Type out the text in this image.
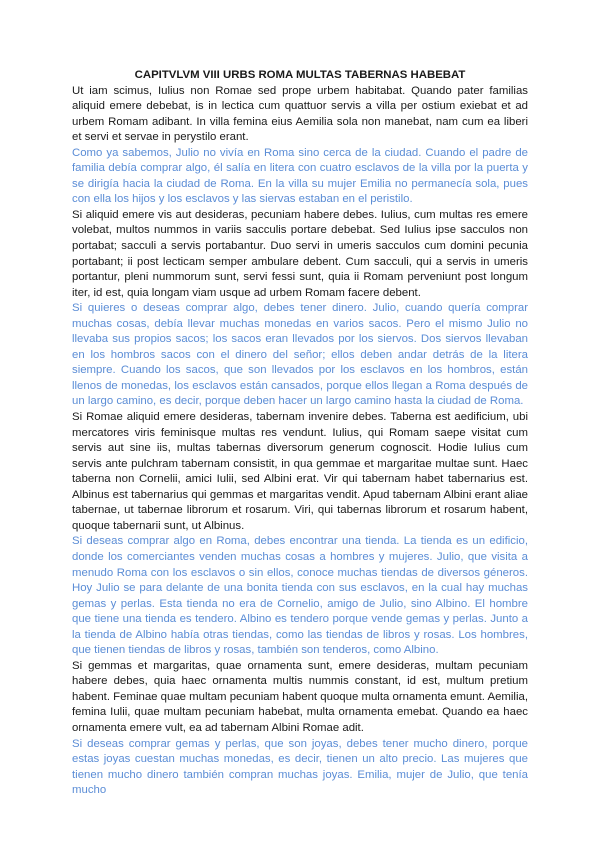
CAPITVLVM VIII URBS ROMA MULTAS TABERNAS HABEBAT

Ut iam scimus, Iulius non Romae sed prope urbem habitabat. Quando pater familias aliquid emere debebat, is in lectica cum quattuor servis a villa per ostium exiebat et ad urbem Romam adibant. In villa femina eius Aemilia sola non manebat, nam cum ea liberi et servi et servae in perystilo erant.

Como ya sabemos, Julio no vivía en Roma sino cerca de la ciudad. Cuando el padre de familia debía comprar algo, él salía en litera con cuatro esclavos de la villa por la puerta y se dirigía hacia la ciudad de Roma. En la villa su mujer Emilia no permanecía sola, pues con ella los hijos y los esclavos y las siervas estaban en el peristilo.

Si aliquid emere vis aut desideras, pecuniam habere debes. Iulius, cum multas res emere volebat, multos nummos in variis sacculis portare debebat. Sed Iulius ipse sacculos non portabat; sacculi a servis portabantur. Duo servi in umeris sacculos cum domini pecunia portabant; ii post lecticam semper ambulare debent. Cum sacculi, qui a servis in umeris portantur, pleni nummorum sunt, servi fessi sunt, quia ii Romam perveniunt post longum iter, id est, quia longam viam usque ad urbem Romam facere debent.

Si quieres o deseas comprar algo, debes tener dinero. Julio, cuando quería comprar muchas cosas, debía llevar muchas monedas en varios sacos. Pero el mismo Julio no llevaba sus propios sacos; los sacos eran llevados por los siervos. Dos siervos llevaban en los hombros sacos con el dinero del señor; ellos deben andar detrás de la litera siempre. Cuando los sacos, que son llevados por los esclavos en los hombros, están llenos de monedas, los esclavos están cansados, porque ellos llegan a Roma después de un largo camino, es decir, porque deben hacer un largo camino hasta la ciudad de Roma.

Si Romae aliquid emere desideras, tabernam invenire debes. Taberna est aedificium, ubi mercatores viris feminisque multas res vendunt. Iulius, qui Romam saepe visitat cum servis aut sine iis, multas tabernas diversorum generum cognoscit. Hodie Iulius cum servis ante pulchram tabernam consistit, in qua gemmae et margaritae multae sunt. Haec taberna non Cornelii, amici Iulii, sed Albini erat. Vir qui tabernam habet tabernarius est. Albinus est tabernarius qui gemmas et margaritas vendit. Apud tabernam Albini erant aliae tabernae, ut tabernae librorum et rosarum. Viri, qui tabernas librorum et rosarum habent, quoque tabernarii sunt, ut Albinus.

Si deseas comprar algo en Roma, debes encontrar una tienda. La tienda es un edificio, donde los comerciantes venden muchas cosas a hombres y mujeres. Julio, que visita a menudo Roma con los esclavos o sin ellos, conoce muchas tiendas de diversos géneros. Hoy Julio se para delante de una bonita tienda con sus esclavos, en la cual hay muchas gemas y perlas. Esta tienda no era de Cornelio, amigo de Julio, sino Albino. El hombre que tiene una tienda es tendero. Albino es tendero porque vende gemas y perlas. Junto a la tienda de Albino había otras tiendas, como las tiendas de libros y rosas. Los hombres, que tienen tiendas de libros y rosas, también son tenderos, como Albino.

Si gemmas et margaritas, quae ornamenta sunt, emere desideras, multam pecuniam habere debes, quia haec ornamenta multis nummis constant, id est, multum pretium habent. Feminae quae multam pecuniam habent quoque multa ornamenta emunt. Aemilia, femina Iulii, quae multam pecuniam habebat, multa ornamenta emebat. Quando ea haec ornamenta emere vult, ea ad tabernam Albini Romae adit.

Si deseas comprar gemas y perlas, que son joyas, debes tener mucho dinero, porque estas joyas cuestan muchas monedas, es decir, tienen un alto precio. Las mujeres que tienen mucho dinero también compran muchas joyas. Emilia, mujer de Julio, que tenía mucho
